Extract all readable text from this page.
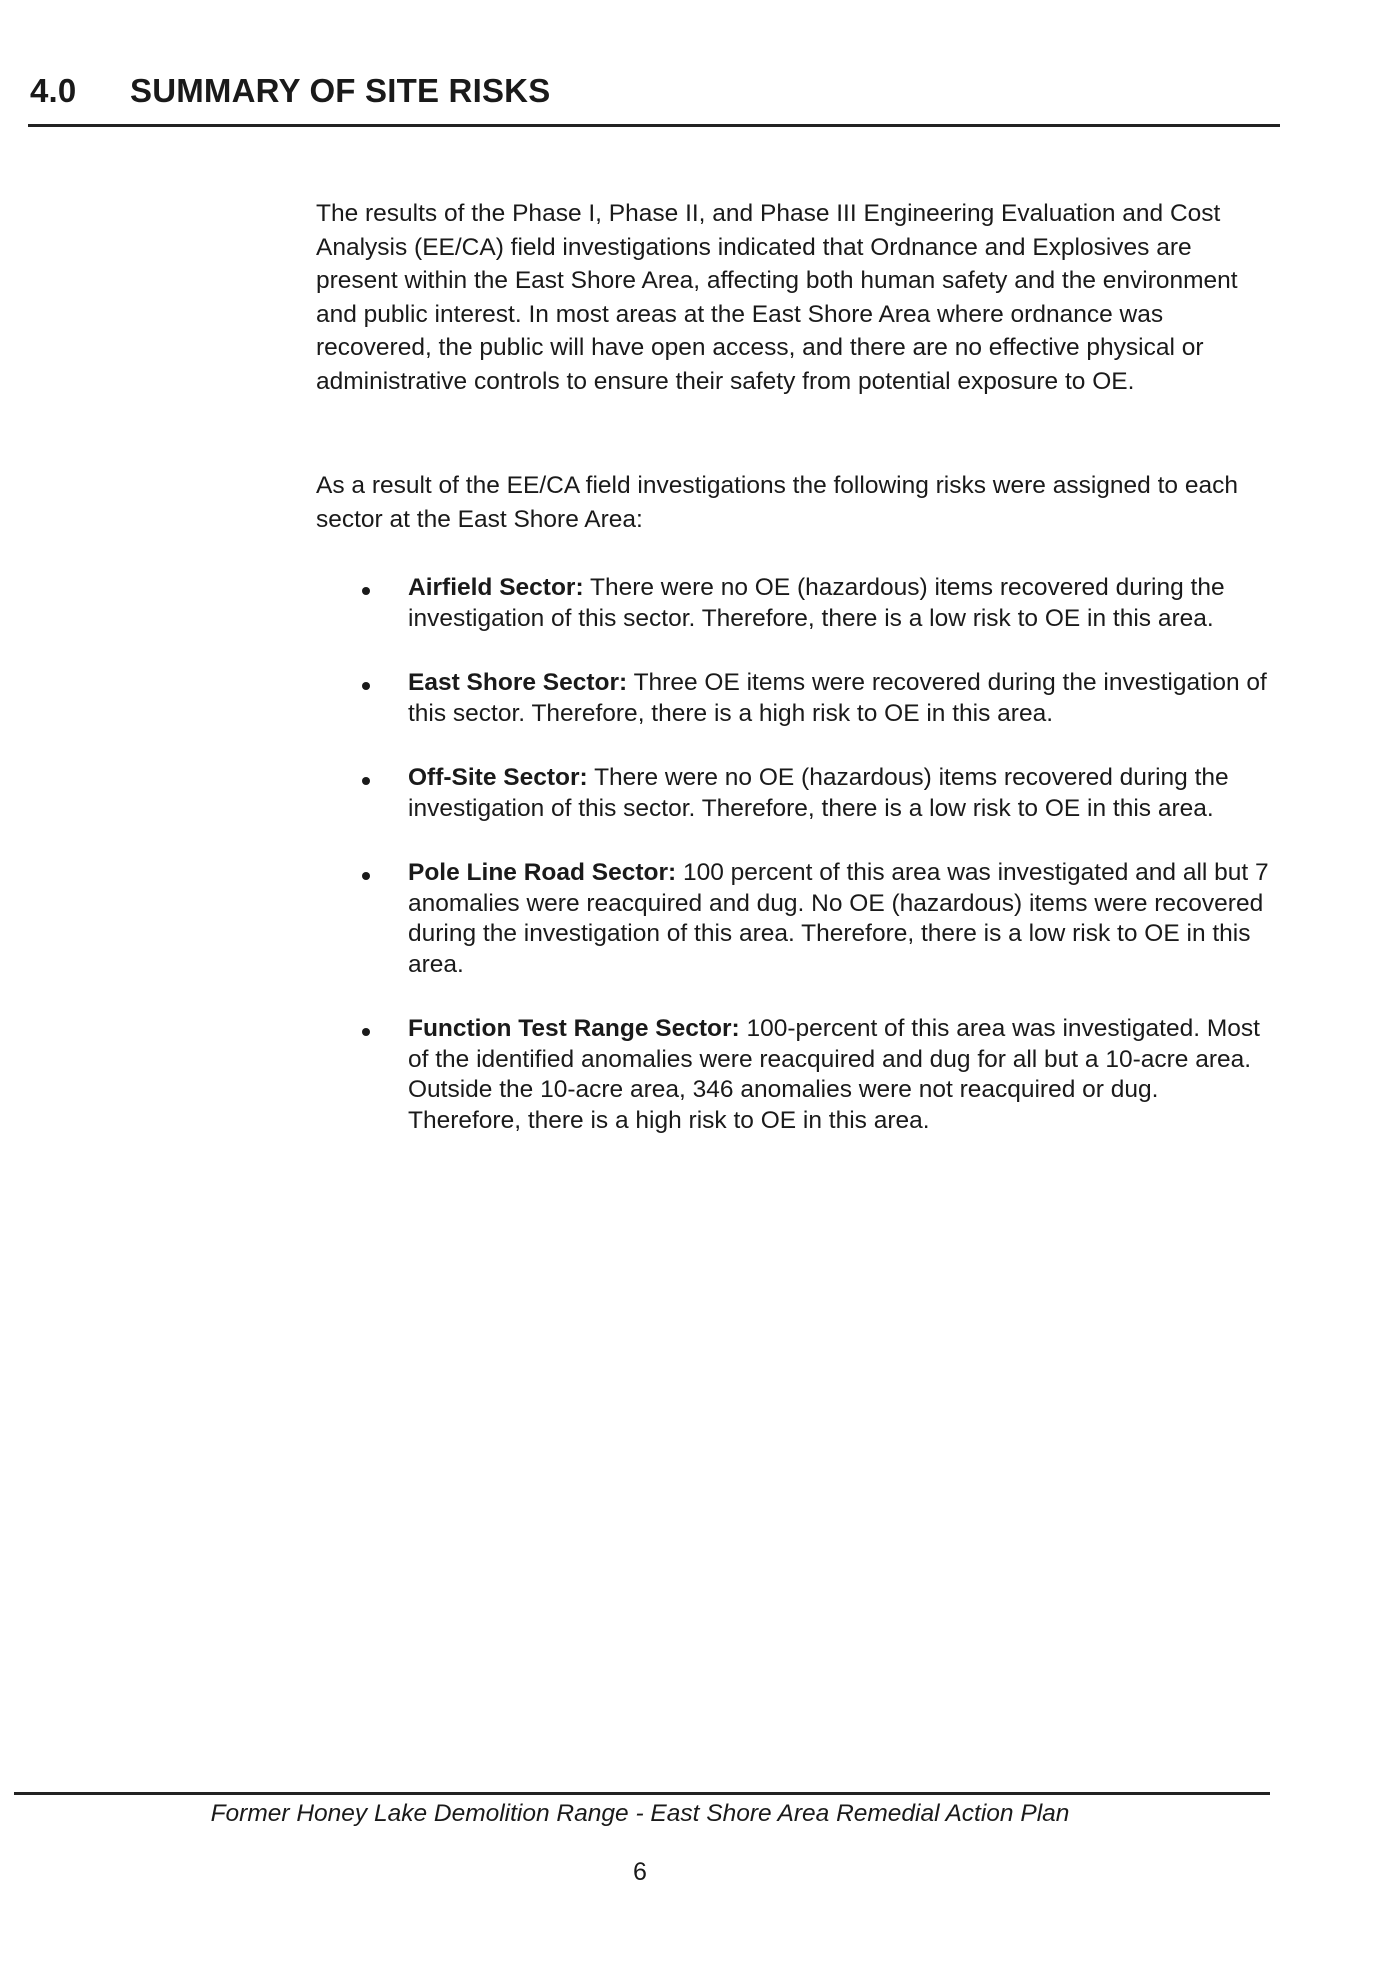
4.0 SUMMARY OF SITE RISKS

The results of the Phase I, Phase II, and Phase III Engineering Evaluation and Cost Analysis (EE/CA) field investigations indicated that Ordnance and Explosives are present within the East Shore Area, affecting both human safety and the environment and public interest. In most areas at the East Shore Area where ordnance was recovered, the public will have open access, and there are no effective physical or administrative controls to ensure their safety from potential exposure to OE.

As a result of the EE/CA field investigations the following risks were assigned to each sector at the East Shore Area:

Airfield Sector: There were no OE (hazardous) items recovered during the investigation of this sector. Therefore, there is a low risk to OE in this area.
East Shore Sector: Three OE items were recovered during the investigation of this sector. Therefore, there is a high risk to OE in this area.
Off-Site Sector: There were no OE (hazardous) items recovered during the investigation of this sector. Therefore, there is a low risk to OE in this area.
Pole Line Road Sector: 100 percent of this area was investigated and all but 7 anomalies were reacquired and dug. No OE (hazardous) items were recovered during the investigation of this area. Therefore, there is a low risk to OE in this area.
Function Test Range Sector: 100-percent of this area was investigated. Most of the identified anomalies were reacquired and dug for all but a 10-acre area. Outside the 10-acre area, 346 anomalies were not reacquired or dug. Therefore, there is a high risk to OE in this area.
Former Honey Lake Demolition Range - East Shore Area Remedial Action Plan
6
